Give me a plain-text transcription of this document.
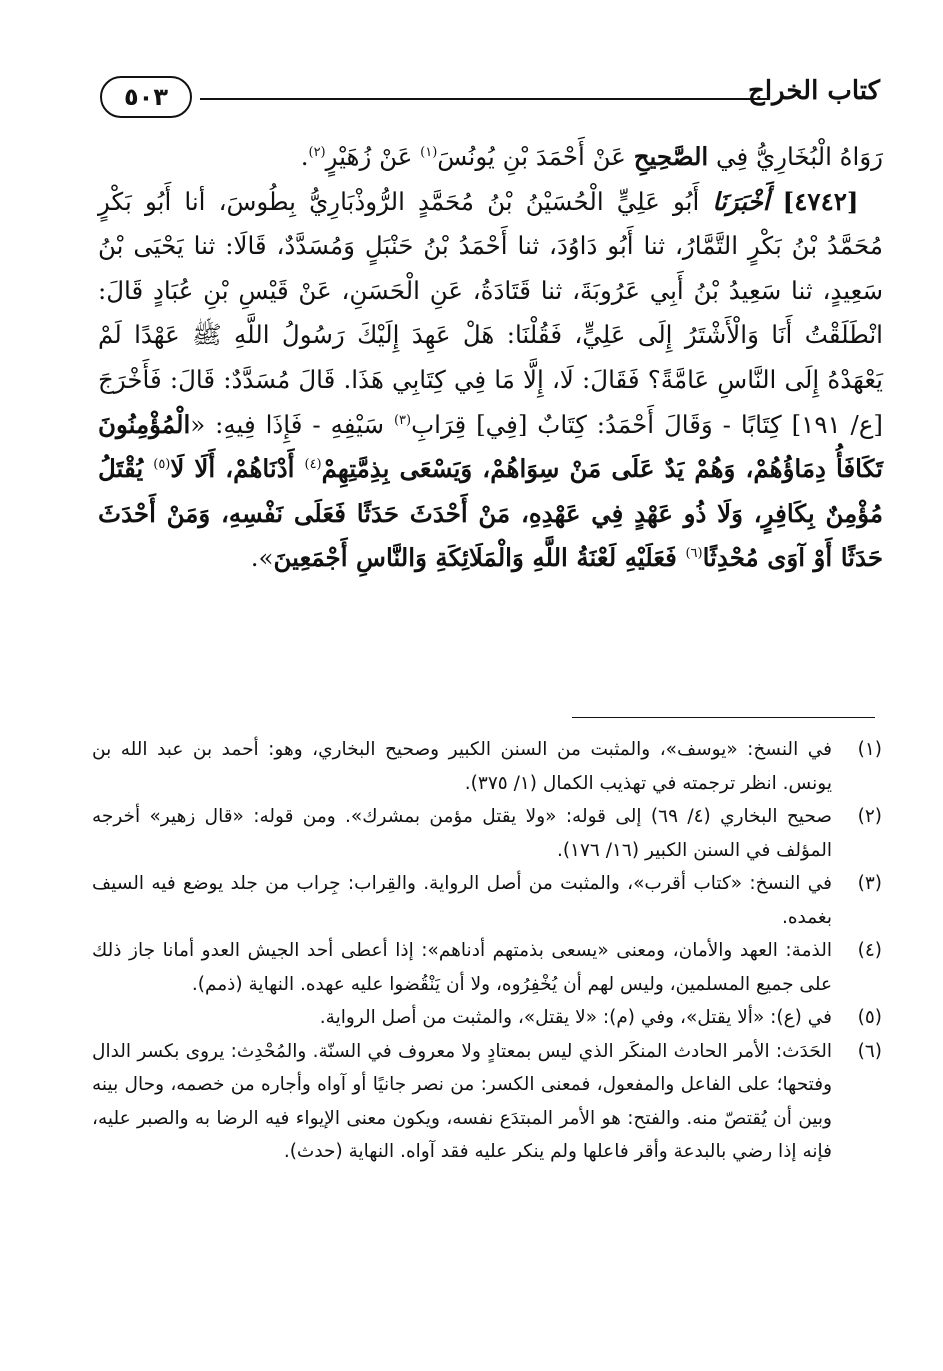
كتاب الخراج
٥٠٣

رَوَاهُ الْبُخَارِيُّ فِي الصَّحِيحِ عَنْ أَحْمَدَ بْنِ يُونُسَ$^{(١)}$ عَنْ زُهَيْرٍ$^{(٢)}$.

 [٤٧٤٢] أَخْبَرَنَا أَبُو عَلِيٍّ الْحُسَيْنُ بْنُ مُحَمَّدٍ الرُّوذْبَارِيُّ بِطُوسَ، أنا أَبُو بَكْرٍ مُحَمَّدُ بْنُ بَكْرٍ التَّمَّارُ، ثنا أَبُو دَاوُدَ، ثنا أَحْمَدُ بْنُ حَنْبَلٍ وَمُسَدَّدٌ، قَالَا: ثنا يَحْيَى بْنُ سَعِيدٍ، ثنا سَعِيدُ بْنُ أَبِي عَرُوبَةَ، ثنا قَتَادَةُ، عَنِ الْحَسَنِ، عَنْ قَيْسِ بْنِ عُبَادٍ قَالَ: انْطَلَقْتُ أَنَا وَالْأَشْتَرُ إِلَى عَلِيٍّ، فَقُلْنَا: هَلْ عَهِدَ إِلَيْكَ رَسُولُ اللَّهِ ﷺ عَهْدًا لَمْ يَعْهَدْهُ إِلَى النَّاسِ عَامَّةً؟ فَقَالَ: لَا، إِلَّا مَا فِي كِتَابِي هَذَا. قَالَ مُسَدَّدٌ: قَالَ: فَأَخْرَجَ [ع/ ١٩١] كِتَابًا - وَقَالَ أَحْمَدُ: كِتَابٌ [فِي] قِرَابِ$^{(٣)}$ سَيْفِهِ - فَإِذَا فِيهِ: «الْمُؤْمِنُونَ تَكَافَأُ دِمَاؤُهُمْ، وَهُمْ يَدٌ عَلَى مَنْ سِوَاهُمْ، وَيَسْعَى بِذِمَّتِهِمْ$^{(٤)}$ أَدْنَاهُمْ، أَلَا لَا$^{(٥)}$ يُقْتَلُ مُؤْمِنٌ بِكَافِرٍ، وَلَا ذُو عَهْدٍ فِي عَهْدِهِ، مَنْ أَحْدَثَ حَدَثًا فَعَلَى نَفْسِهِ، وَمَنْ أَحْدَثَ حَدَثًا أَوْ آوَى مُحْدِثًا$^{(٦)}$ فَعَلَيْهِ لَعْنَةُ اللَّهِ وَالْمَلَائِكَةِ وَالنَّاسِ أَجْمَعِينَ».

(١)
في النسخ: «يوسف»، والمثبت من السنن الكبير وصحيح البخاري، وهو: أحمد بن عبد الله بن يونس. انظر ترجمته في تهذيب الكمال (١/ ٣٧٥).
(٢)
صحيح البخاري (٤/ ٦٩) إلى قوله: «ولا يقتل مؤمن بمشرك». ومن قوله: «قال زهير» أخرجه المؤلف في السنن الكبير (١٦/ ١٧٦).
(٣)
في النسخ: «كتاب أقرب»، والمثبت من أصل الرواية. والقِراب: جِراب من جلد يوضع فيه السيف بغمده.
(٤)
الذمة: العهد والأمان، ومعنى «يسعى بذمتهم أدناهم»: إذا أعطى أحد الجيش العدو أمانا جاز ذلك على جميع المسلمين، وليس لهم أن يُخْفِرُوه، ولا أن يَنْقُضوا عليه عهده. النهاية (ذمم).
(٥)
في (ع): «ألا يقتل»، وفي (م): «لا يقتل»، والمثبت من أصل الرواية.
(٦)
الحَدَث: الأمر الحادث المنكَر الذي ليس بمعتادٍ ولا معروف في السنّة. والمُحْدِث: يروى بكسر الدال وفتحها؛ على الفاعل والمفعول، فمعنى الكسر: من نصر جانيًا أو آواه وأجاره من خصمه، وحال بينه وبين أن يُقتصّ منه. والفتح: هو الأمر المبتدَع نفسه، ويكون معنى الإيواء فيه الرضا به والصبر عليه، فإنه إذا رضي بالبدعة وأقر فاعلها ولم ينكر عليه فقد آواه. النهاية (حدث).
